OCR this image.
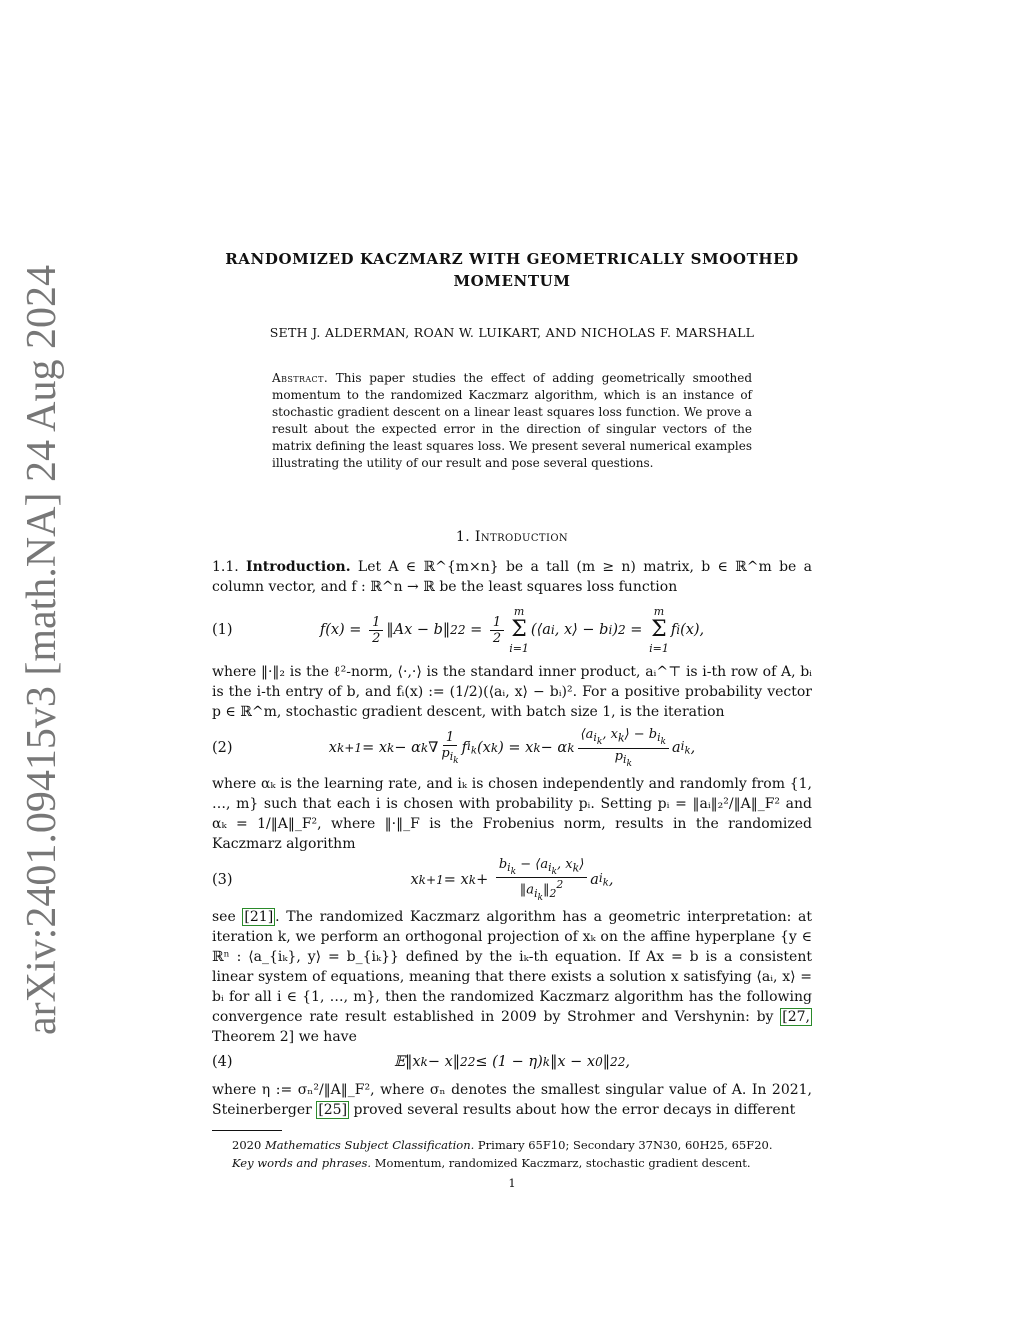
arXiv:2401.09415v3 [math.NA] 24 Aug 2024
RANDOMIZED KACZMARZ WITH GEOMETRICALLY SMOOTHED MOMENTUM
SETH J. ALDERMAN, ROAN W. LUIKART, AND NICHOLAS F. MARSHALL
Abstract. This paper studies the effect of adding geometrically smoothed momentum to the randomized Kaczmarz algorithm, which is an instance of stochastic gradient descent on a linear least squares loss function. We prove a result about the expected error in the direction of singular vectors of the matrix defining the least squares loss. We present several numerical examples illustrating the utility of our result and pose several questions.
1. Introduction
1.1. Introduction. Let A ∈ ℝ^{m×n} be a tall (m ≥ n) matrix, b ∈ ℝ^m be a column vector, and f : ℝ^n → ℝ be the least squares loss function
(1)	$f(x) = \frac{1}{2}$ ‖Ax − b‖ 2 $2 = \frac{1}{2}$
m
Σ
i=1
(⟨a i , x⟩ − b i ) 2 =
m
Σ
i=1
f i (x),
where ‖·‖₂ is the ℓ²-norm, ⟨·,·⟩ is the standard inner product, aᵢ^⊤ is i-th row of A, bᵢ is the i-th entry of b, and fᵢ(x) := (1/2)(⟨aᵢ, x⟩ − bᵢ)². For a positive probability vector p ∈ ℝ^m, stochastic gradient descent, with batch size 1, is the iteration
(2)	x k+1 = x k − α k ∇ $\frac{1}{p_{i_k}}$ f $i_k$ (x k ) = x k − α k $\frac{⟨a_{i_k}, x_k⟩ - b_{i_k}}{p_{i_k}}$ a $i_k$ ,
where αₖ is the learning rate, and iₖ is chosen independently and randomly from {1, …, m} such that each i is chosen with probability pᵢ. Setting pᵢ = ‖aᵢ‖₂²/‖A‖_F² and αₖ = 1/‖A‖_F², where ‖·‖_F is the Frobenius norm, results in the randomized Kaczmarz algorithm
(3)	x k+1 = x $k + \frac{b_{i_k} - ⟨a_{i_k}, x_k⟩}{‖a_{i_k}‖_2^2}$ a $i_k$ ,
see [21] . The randomized Kaczmarz algorithm has a geometric interpretation: at iteration k, we perform an orthogonal projection of xₖ on the affine hyperplane {y ∈ ℝⁿ : ⟨a_{iₖ}, y⟩ = b_{iₖ}} defined by the iₖ-th equation. If Ax = b is a consistent linear system of equations, meaning that there exists a solution x satisfying ⟨aᵢ, x⟩ = bᵢ for all i ∈ {1, …, m}, then the randomized Kaczmarz algorithm has the following convergence rate result established in 2009 by Strohmer and Vershynin: by [27, Theorem 2] we have
(4)	𝔼‖x k − x‖ 2 2 ≤ (1 − η) k ‖x − x 0 ‖ 2 2 ,
where η := σₙ²/‖A‖_F², where σₙ denotes the smallest singular value of A. In 2021, Steinerberger [25] proved several results about how the error decays in different
2020 Mathematics Subject Classification. Primary 65F10; Secondary 37N30, 60H25, 65F20.
Key words and phrases. Momentum, randomized Kaczmarz, stochastic gradient descent.
1
